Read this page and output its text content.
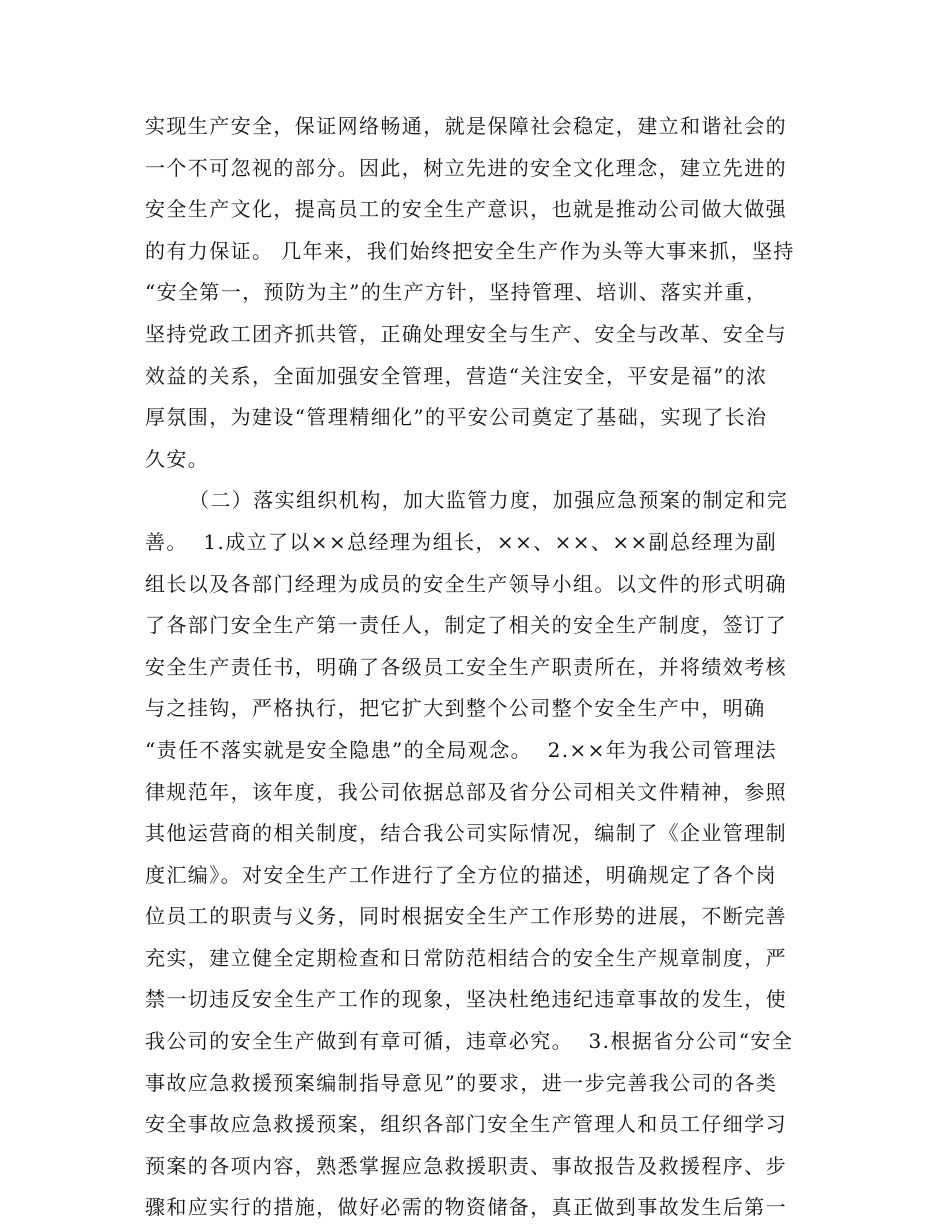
实现生产安全，保证网络畅通，就是保障社会稳定，建立和谐社会的
一个不可忽视的部分。因此，树立先进的安全文化理念，建立先进的
安全生产文化，提高员工的安全生产意识，也就是推动公司做大做强
的有力保证。 几年来，我们始终把安全生产作为头等大事来抓，坚持
“安全第一，预防为主”的生产方针，坚持管理、培训、落实并重，
坚持党政工团齐抓共管，正确处理安全与生产、安全与改革、安全与
效益的关系，全面加强安全管理，营造“关注安全，平安是福”的浓
厚氛围，为建设“管理精细化”的平安公司奠定了基础，实现了长治
久安。
（二）落实组织机构，加大监管力度，加强应急预案的制定和完
善。  1.成立了以××总经理为组长，××、××、××副总经理为副
组长以及各部门经理为成员的安全生产领导小组。以文件的形式明确
了各部门安全生产第一责任人，制定了相关的安全生产制度，签订了
安全生产责任书，明确了各级员工安全生产职责所在，并将绩效考核
与之挂钩，严格执行，把它扩大到整个公司整个安全生产中，明确
“责任不落实就是安全隐患”的全局观念。  2.××年为我公司管理法
律规范年，该年度，我公司依据总部及省分公司相关文件精神，参照
其他运营商的相关制度，结合我公司实际情况，编制了《企业管理制
度汇编》。对安全生产工作进行了全方位的描述，明确规定了各个岗
位员工的职责与义务，同时根据安全生产工作形势的进展，不断完善
充实，建立健全定期检查和日常防范相结合的安全生产规章制度，严
禁一切违反安全生产工作的现象，坚决杜绝违纪违章事故的发生，使
我公司的安全生产做到有章可循，违章必究。  3.根据省分公司“安全
事故应急救援预案编制指导意见”的要求，进一步完善我公司的各类
安全事故应急救援预案，组织各部门安全生产管理人和员工仔细学习
预案的各项内容，熟悉掌握应急救援职责、事故报告及救援程序、步
骤和应实行的措施，做好必需的物资储备，真正做到事故发生后第一
